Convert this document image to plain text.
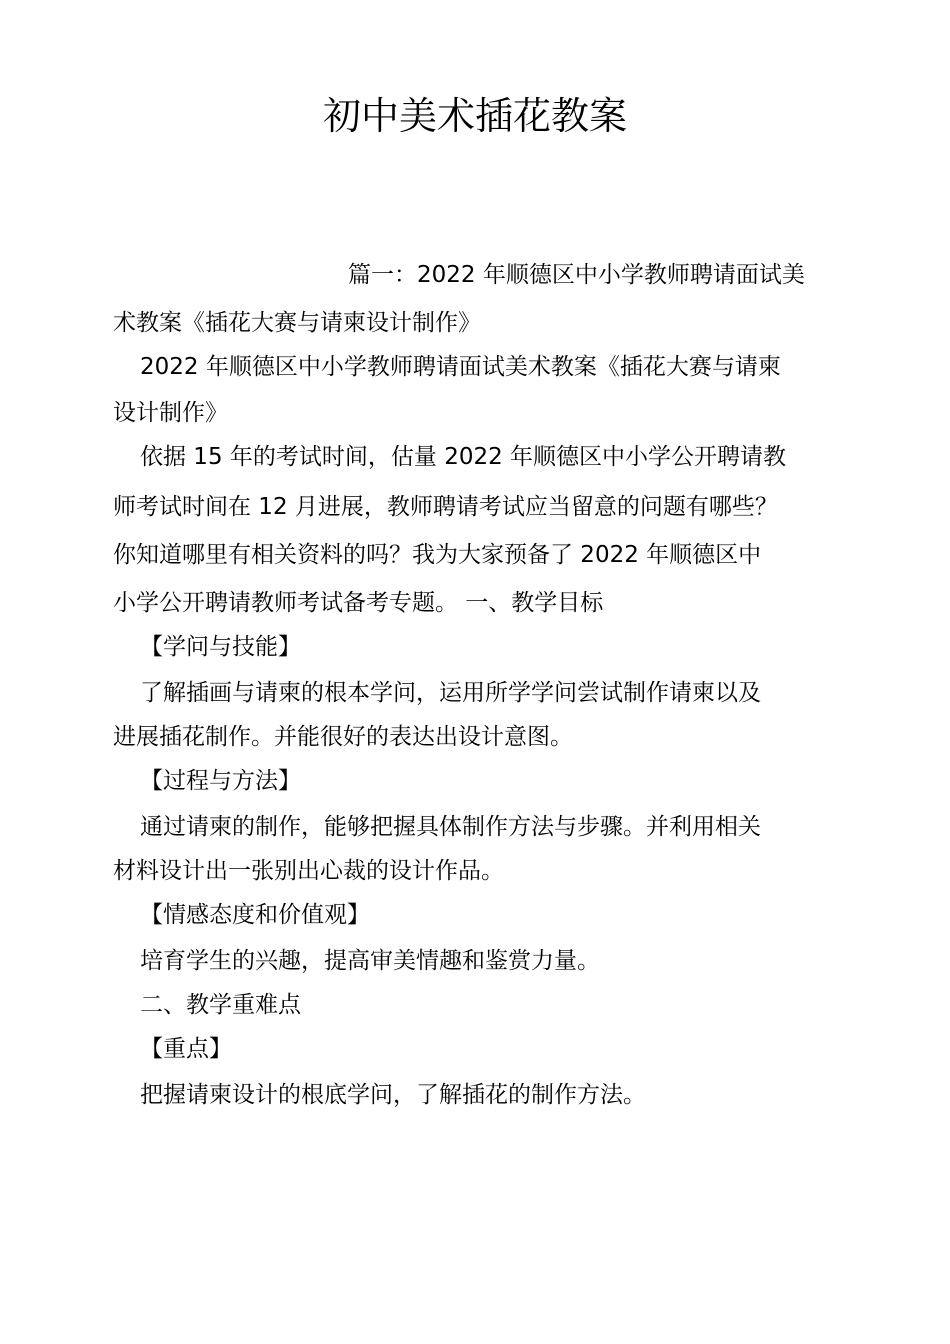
初中美术插花教案

篇一：2022 年顺德区中小学教师聘请面试美

术教案《插花大赛与请柬设计制作》

2022 年顺德区中小学教师聘请面试美术教案《插花大赛与请柬

设计制作》

依据 15 年的考试时间，估量 2022 年顺德区中小学公开聘请教

师考试时间在 12 月进展，教师聘请考试应当留意的问题有哪些？

你知道哪里有相关资料的吗？我为大家预备了 2022 年顺德区中

小学公开聘请教师考试备考专题。 一、教学目标

【学问与技能】

了解插画与请柬的根本学问，运用所学学问尝试制作请柬以及

进展插花制作。并能很好的表达出设计意图。

【过程与方法】

通过请柬的制作，能够把握具体制作方法与步骤。并利用相关

材料设计出一张别出心裁的设计作品。

【情感态度和价值观】

培育学生的兴趣，提高审美情趣和鉴赏力量。

二、教学重难点

【重点】

把握请柬设计的根底学问，了解插花的制作方法。
